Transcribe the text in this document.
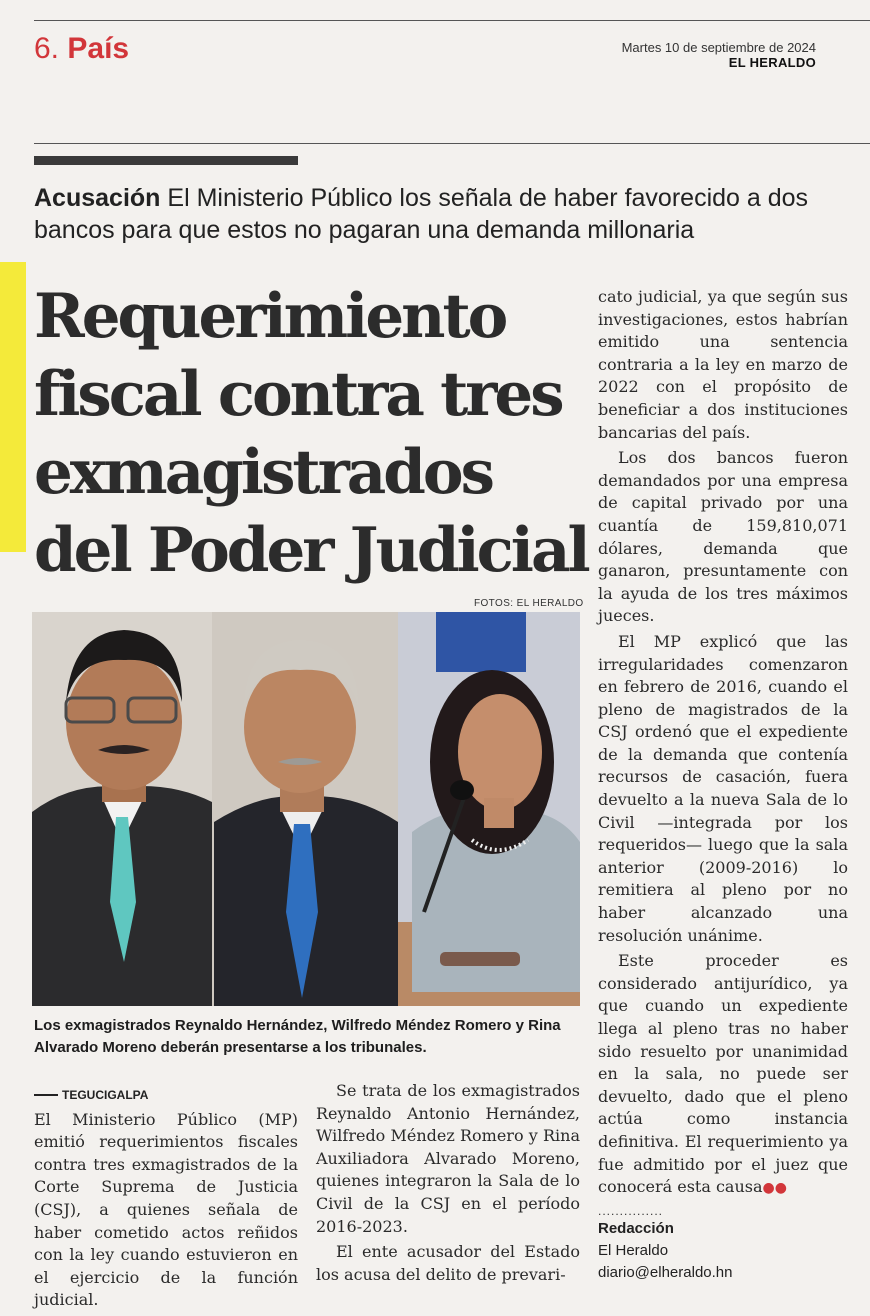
6. País	Martes 10 de septiembre de 2024
EL HERALDO
Acusación El Ministerio Público los señala de haber favorecido a dos bancos para que estos no pagaran una demanda millonaria
Requerimiento
fiscal contra tres
exmagistrados
del Poder Judicial
FOTOS: EL HERALDO
Los exmagistrados Reynaldo Hernández, Wilfredo Méndez Romero y Rina Alvarado Moreno deberán presentarse a los tribunales.
TEGUCIGALPA

El Ministerio Público (MP) emitió requerimientos fiscales contra tres exmagistrados de la Corte Suprema de Justicia (CSJ), a quienes señala de haber cometido actos reñidos con la ley cuando estuvieron en el ejercicio de la función judicial.

Se trata de los exmagistrados Reynaldo Antonio Hernández, Wilfredo Méndez Romero y Rina Auxiliadora Alvarado Moreno, quienes integraron la Sala de lo Civil de la CSJ en el período 2016-2023.

El ente acusador del Estado los acusa del delito de prevari-

cato judicial, ya que según sus investigaciones, estos habrían emitido una sentencia contraria a la ley en marzo de 2022 con el propósito de beneficiar a dos instituciones bancarias del país.

Los dos bancos fueron demandados por una empresa de capital privado por una cuantía de 159,810,071 dólares, demanda que ganaron, presuntamente con la ayuda de los tres máximos jueces.

El MP explicó que las irregularidades comenzaron en febrero de 2016, cuando el pleno de magistrados de la CSJ ordenó que el expediente de la demanda que contenía recursos de casación, fuera devuelto a la nueva Sala de lo Civil —integrada por los requeridos— luego que la sala anterior (2009-2016) lo remitiera al pleno por no haber alcanzado una resolución unánime.

Este proceder es considerado antijurídico, ya que cuando un expediente llega al pleno tras no haber sido resuelto por unanimidad en la sala, no puede ser devuelto, dado que el pleno actúa como instancia definitiva. El requerimiento ya fue admitido por el juez que conocerá esta causa●●

...............
Redacción
El Heraldo
diario@elheraldo.hn
